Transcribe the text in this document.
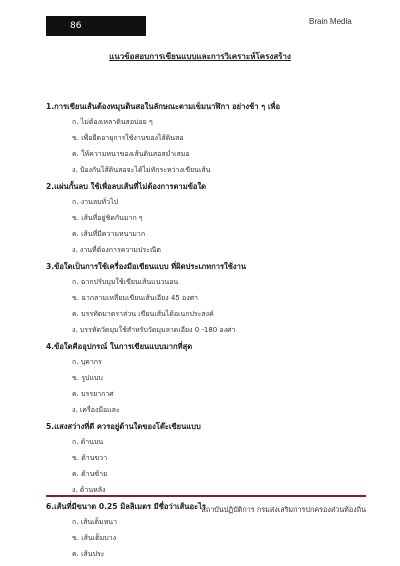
86	Brain Media
แนวข้อสอบการเขียนแบบและการวิเคราะห์โครงสร้าง
1.การเขียนเส้นต้องหมุนดินสอในลักษณะตามเข็มนาฬิกา อย่างช้า ๆ เพื่อ
ก. ไม่ต้องเหลาดินสอบ่อย ๆ
ข. เพื่อยืดอายุการใช้งานของไส้ดินสอ
ค. ให้ความหนาของเส้นดินสอสม่ำเสมอ
ง. ป้องกันไส้ดินสอจะได้ไม่หักระหว่างเขียนเส้น
2.แผ่นกั้นลบ ใช้เพื่อลบเส้นที่ไม่ต้องการตามข้อใด
ก. งานลบทั่วไป
ข. เส้นที่อยู่ชิดกันมาก ๆ
ค. เส้นที่มีความหนามาก
ง. งานที่ต้องการความประณีต
3.ข้อใดเป็นการใช้เครื่องมือเขียนแบบ ที่ผิดประเภทการใช้งาน
ก. ฉากปรับมุมใช้เขียนเส้นแนวนอน
ข. ฉากสามเหลี่ยมเขียนเส้นเอียง 45 องศา
ค. บรรทัดมาตราส่วน เขียนเส้นได้อเนกประสงค์
ง. บรรทัดวัดมุมใช้สำหรับวัดมุมลาดเอียง 0 -180 องศา
4.ข้อใดคืออุปกรณ์ ในการเขียนแบบมากที่สุด
ก. บุคากร
ข. รูปแบบ
ค. บรรยากาศ
ง. เครื่องมือและ
5.แสงสว่างที่ดี ควรอยู่ด้านใดของโต๊ะเขียนแบบ
ก. ด้านบน
ข. ด้านขวา
ค. ด้านซ้าย
ง. ด้านหลัง
6.เส้นที่มีขนาด 0.25 มิลลิเมตร มีชื่อว่าเส้นอะไร
ก. เส้นเต็มหนา
ข. เส้นเต็มบาง
ค. เส้นประ
สถาบันปฏิบัติการ กรมส่งเสริมการปกครองส่วนท้องถิ่น
